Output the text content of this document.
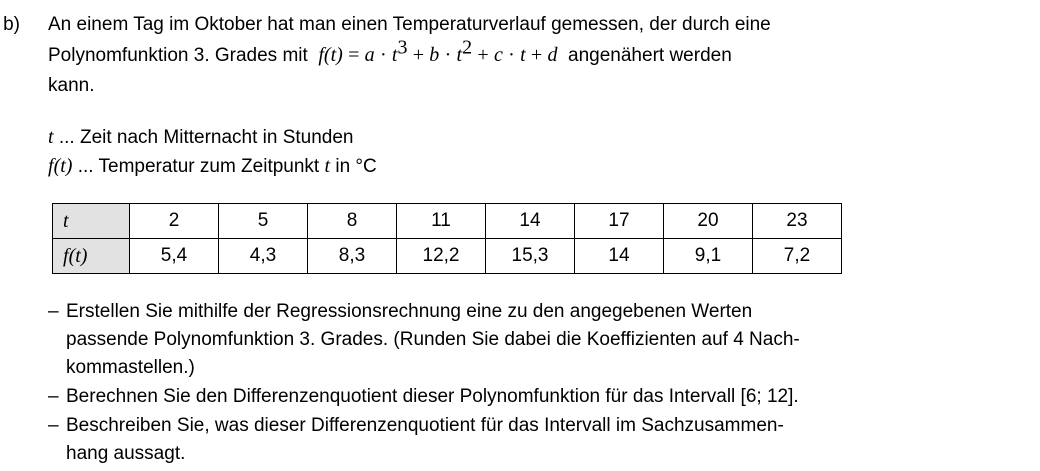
b)	An einem Tag im Oktober hat man einen Temperaturverlauf gemessen, der durch eine
Polynomfunktion 3. Grades mit $f(t) = a \cdot t^3 + b \cdot t^2 + c \cdot t + d$ angenähert werden
kann.
t ... Zeit nach Mitternacht in Stunden
f(t) ... Temperatur zum Zeitpunkt t in °C
t	2	5	8	11	14	17	20	23
f(t)	5,4	4,3	8,3	12,2	15,3	14	9,1	7,2
– Erstellen Sie mithilfe der Regressionsrechnung eine zu den angegebenen Werten
passende Polynomfunktion 3. Grades. (Runden Sie dabei die Koeffizienten auf 4 Nach-
kommastellen.)
– Berechnen Sie den Differenzenquotient dieser Polynomfunktion für das Intervall [6; 12].
– Beschreiben Sie, was dieser Differenzenquotient für das Intervall im Sachzusammen-
hang aussagt.
